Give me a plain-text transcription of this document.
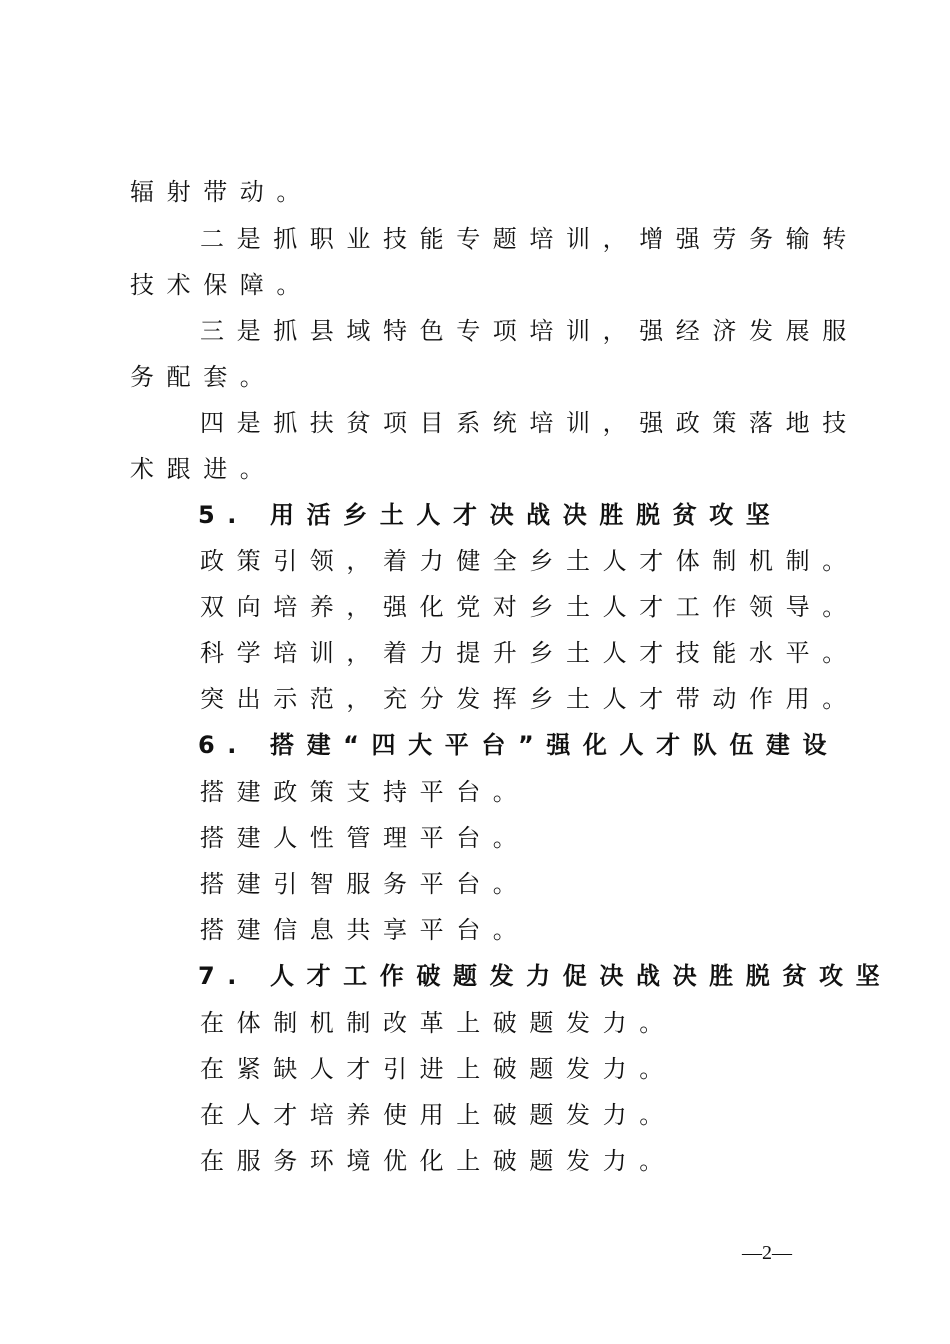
辐射带动。
二是抓职业技能专题培训，增强劳务输转
技术保障。
三是抓县域特色专项培训，强经济发展服
务配套。
四是抓扶贫项目系统培训，强政策落地技
术跟进。
5. 用活乡土人才决战决胜脱贫攻坚
政策引领，着力健全乡土人才体制机制。
双向培养，强化党对乡土人才工作领导。
科学培训，着力提升乡土人才技能水平。
突出示范，充分发挥乡土人才带动作用。
6. 搭建“四大平台”强化人才队伍建设
搭建政策支持平台。
搭建人性管理平台。
搭建引智服务平台。
搭建信息共享平台。
7. 人才工作破题发力促决战决胜脱贫攻坚
在体制机制改革上破题发力。
在紧缺人才引进上破题发力。
在人才培养使用上破题发力。
在服务环境优化上破题发力。
—2—
